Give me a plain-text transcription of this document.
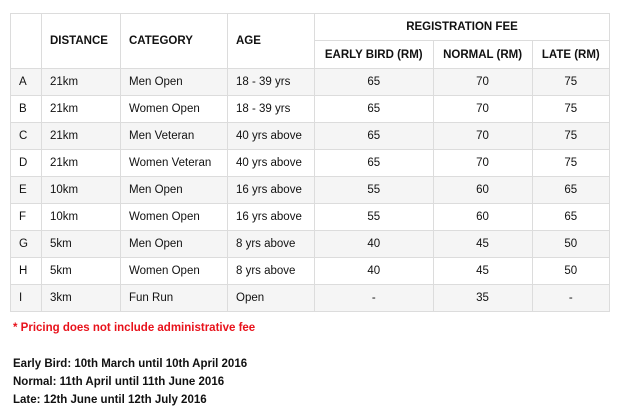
	DISTANCE	CATEGORY	AGE	REGISTRATION FEE		
				EARLY BIRD (RM)	NORMAL (RM)	LATE (RM)
A	21km	Men Open	18 - 39 yrs	65	70	75
B	21km	Women Open	18 - 39 yrs	65	70	75
C	21km	Men Veteran	40 yrs above	65	70	75
D	21km	Women Veteran	40 yrs above	65	70	75
E	10km	Men Open	16 yrs above	55	60	65
F	10km	Women Open	16 yrs above	55	60	65
G	5km	Men Open	8 yrs above	40	45	50
H	5km	Women Open	8 yrs above	40	45	50
I	3km	Fun Run	Open	-	35	-

* Pricing does not include administrative fee

Early Bird: 10th March until 10th April 2016

Normal: 11th April until 11th June 2016

Late: 12th June until 12th July 2016
